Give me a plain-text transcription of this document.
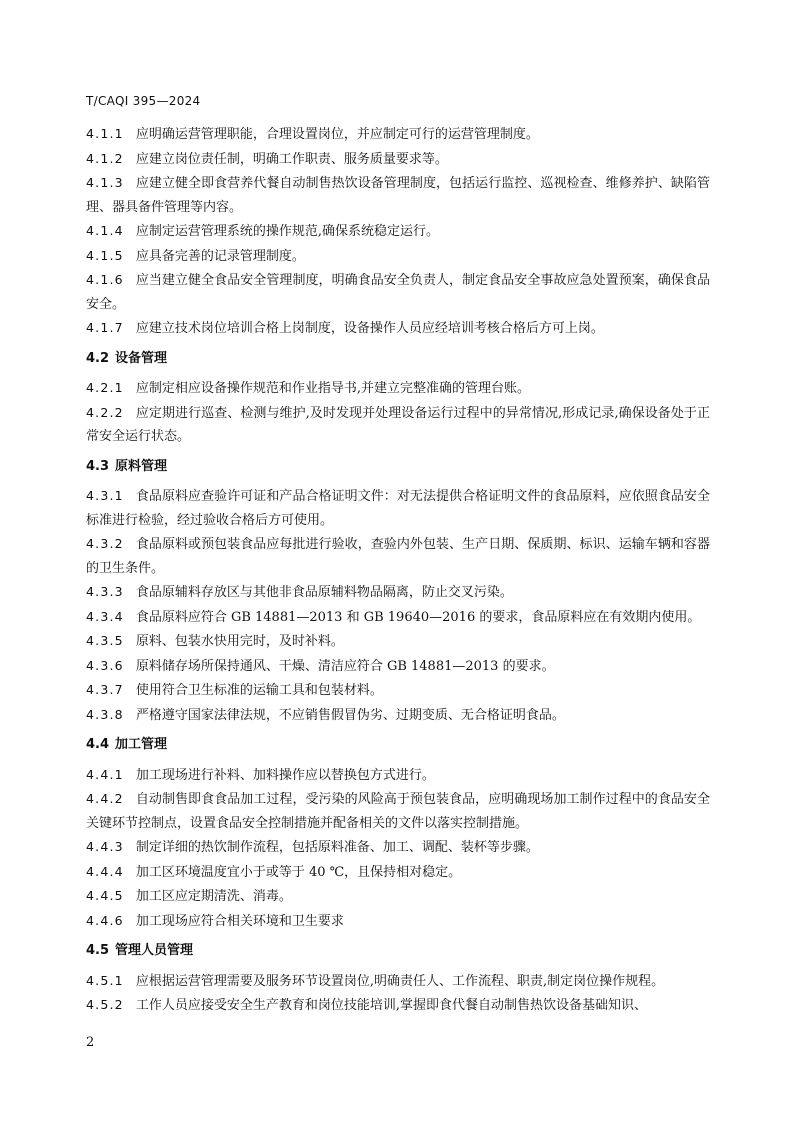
T/CAQI 395—2024

4.1.1 应明确运营管理职能，合理设置岗位，并应制定可行的运营管理制度。

4.1.2 应建立岗位责任制，明确工作职责、服务质量要求等。

4.1.3 应建立健全即食营养代餐自动制售热饮设备管理制度，包括运行监控、巡视检查、维修养护、缺陷管理、器具备件管理等内容。

4.1.4 应制定运营管理系统的操作规范,确保系统稳定运行。

4.1.5 应具备完善的记录管理制度。

4.1.6 应当建立健全食品安全管理制度，明确食品安全负责人，制定食品安全事故应急处置预案，确保食品安全。

4.1.7 应建立技术岗位培训合格上岗制度，设备操作人员应经培训考核合格后方可上岗。

4.2 设备管理

4.2.1 应制定相应设备操作规范和作业指导书,并建立完整准确的管理台账。

4.2.2 应定期进行巡查、检测与维护,及时发现并处理设备运行过程中的异常情况,形成记录,确保设备处于正常安全运行状态。

4.3 原料管理

4.3.1 食品原料应查验许可证和产品合格证明文件：对无法提供合格证明文件的食品原料，应依照食品安全标准进行检验，经过验收合格后方可使用。

4.3.2 食品原料或预包装食品应每批进行验收，查验内外包装、生产日期、保质期、标识、运输车辆和容器的卫生条件。

4.3.3 食品原辅料存放区与其他非食品原辅料物品隔离，防止交叉污染。

4.3.4 食品原料应符合 GB 14881—2013 和 GB 19640—2016 的要求，食品原料应在有效期内使用。

4.3.5 原料、包装水快用完时，及时补料。

4.3.6 原料储存场所保持通风、干燥、清洁应符合 GB 14881—2013 的要求。

4.3.7 使用符合卫生标准的运输工具和包装材料。

4.3.8 严格遵守国家法律法规，不应销售假冒伪劣、过期变质、无合格证明食品。

4.4 加工管理

4.4.1 加工现场进行补料、加料操作应以替换包方式进行。

4.4.2 自动制售即食食品加工过程，受污染的风险高于预包装食品，应明确现场加工制作过程中的食品安全关键环节控制点，设置食品安全控制措施并配备相关的文件以落实控制措施。

4.4.3 制定详细的热饮制作流程，包括原料准备、加工、调配、装杯等步骤。

4.4.4 加工区环境温度宜小于或等于 40 ℃，且保持相对稳定。

4.4.5 加工区应定期清洗、消毒。

4.4.6 加工现场应符合相关环境和卫生要求

4.5 管理人员管理

4.5.1 应根据运营管理需要及服务环节设置岗位,明确责任人、工作流程、职责,制定岗位操作规程。

4.5.2 工作人员应接受安全生产教育和岗位技能培训,掌握即食代餐自动制售热饮设备基础知识、

2
